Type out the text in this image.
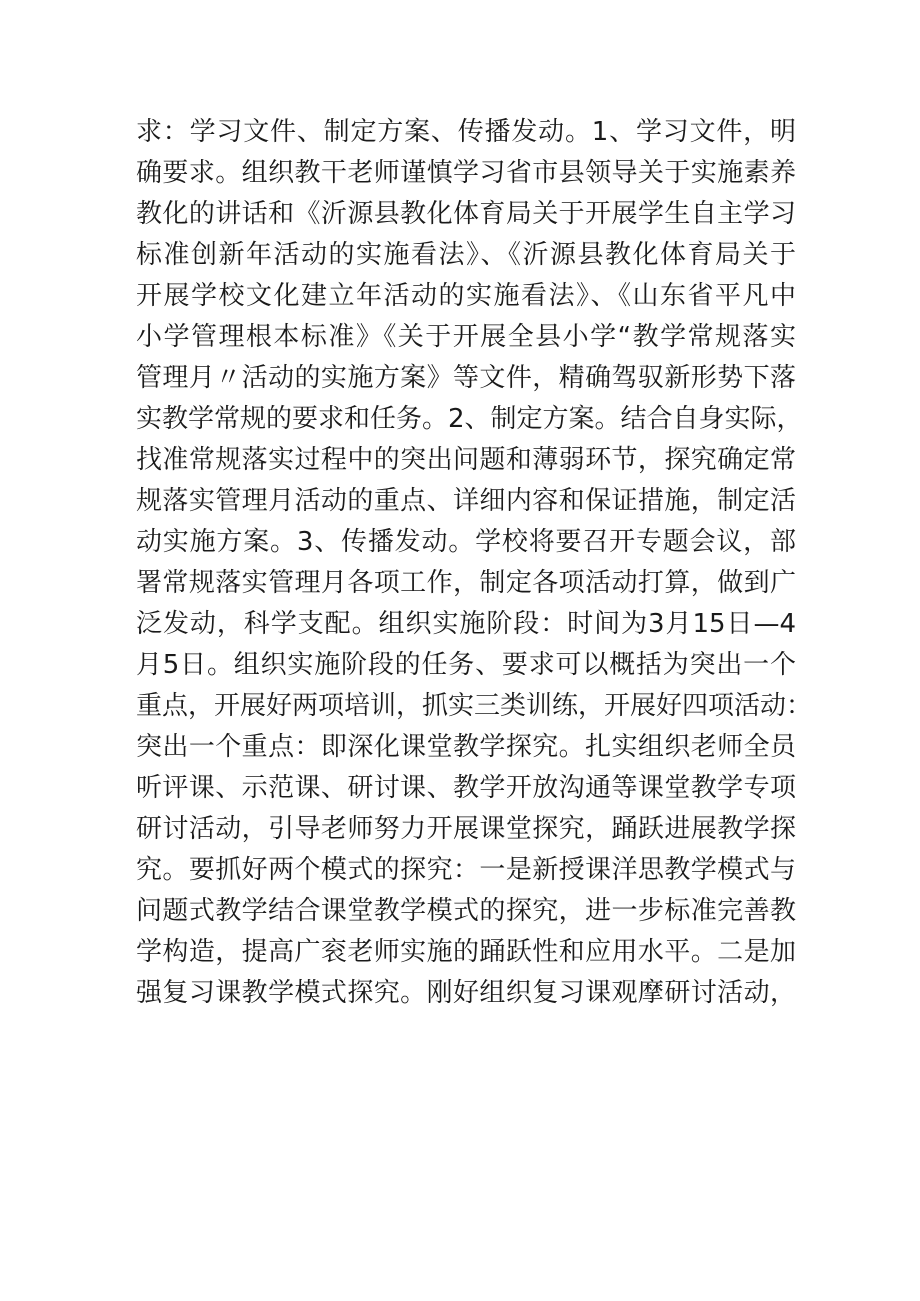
求：学习文件、制定方案、传播发动。1、学习文件，明
确要求。组织教干老师谨慎学习省市县领导关于实施素养
教化的讲话和《沂源县教化体育局关于开展学生自主学习
标准创新年活动的实施看法》、《沂源县教化体育局关于
开展学校文化建立年活动的实施看法》、《山东省平凡中
小学管理根本标准》《关于开展全县小学“教学常规落实
管理月〃活动的实施方案》等文件，精确驾驭新形势下落
实教学常规的要求和任务。2、制定方案。结合自身实际，
找准常规落实过程中的突出问题和薄弱环节，探究确定常
规落实管理月活动的重点、详细内容和保证措施，制定活
动实施方案。3、传播发动。学校将要召开专题会议，部
署常规落实管理月各项工作，制定各项活动打算，做到广
泛发动，科学支配。组织实施阶段：时间为3月15日—4
月5日。组织实施阶段的任务、要求可以概括为突出一个
重点，开展好两项培训，抓实三类训练，开展好四项活动：
突出一个重点：即深化课堂教学探究。扎实组织老师全员
听评课、示范课、研讨课、教学开放沟通等课堂教学专项
研讨活动，引导老师努力开展课堂探究，踊跃进展教学探
究。要抓好两个模式的探究：一是新授课洋思教学模式与
问题式教学结合课堂教学模式的探究，进一步标准完善教
学构造，提高广衮老师实施的踊跃性和应用水平。二是加
强复习课教学模式探究。刚好组织复习课观摩研讨活动，
